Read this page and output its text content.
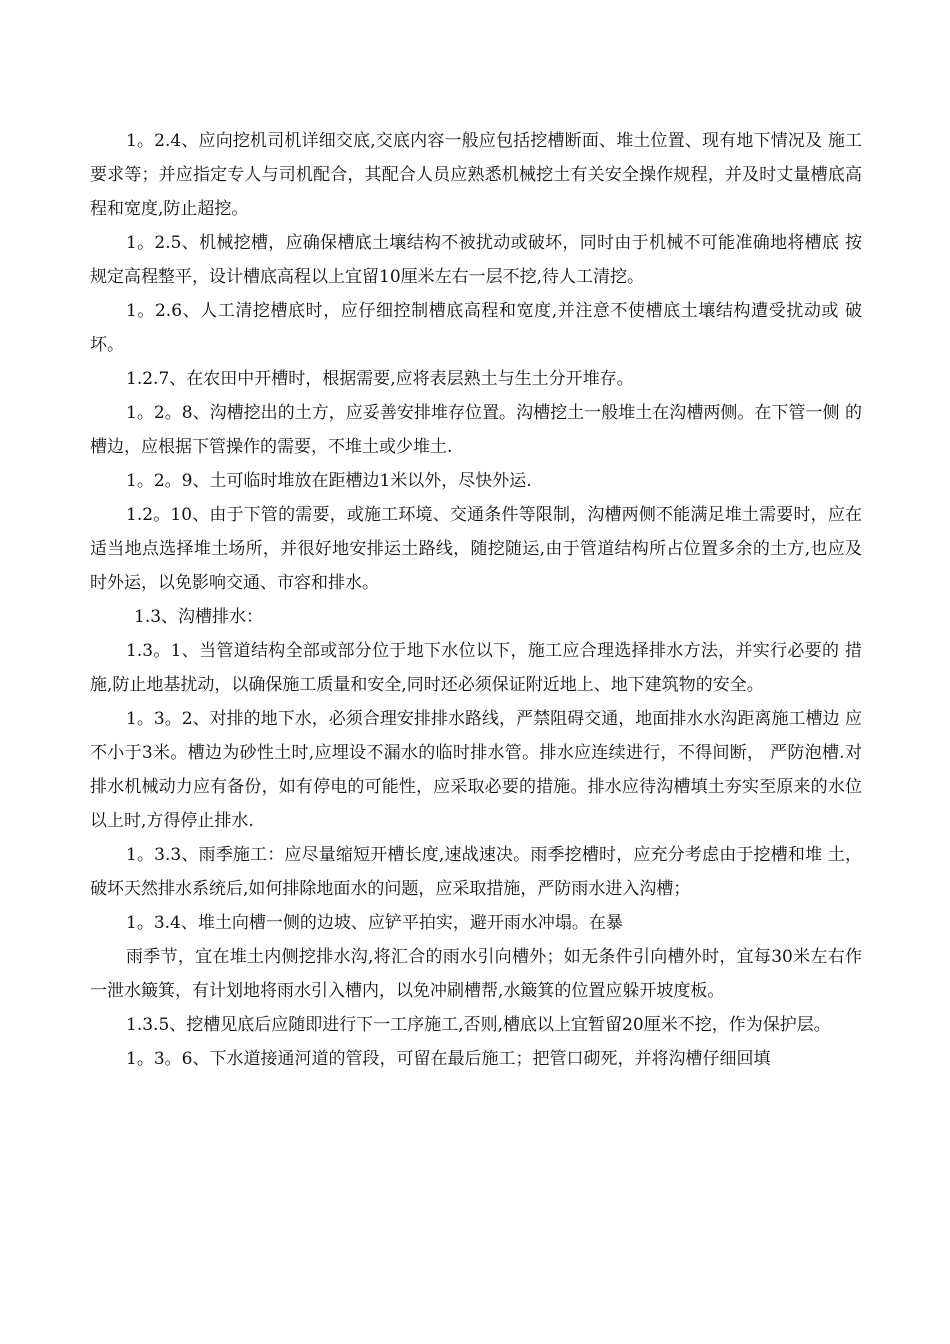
1。2.4、应向挖机司机详细交底,交底内容一般应包括挖槽断面、堆土位置、现有地下情况及 施工要求等；并应指定专人与司机配合，其配合人员应熟悉机械挖土有关安全操作规程，并及时丈量槽底高程和宽度,防止超挖。

1。2.5、机械挖槽，应确保槽底土壤结构不被扰动或破坏，同时由于机械不可能准确地将槽底 按规定高程整平，设计槽底高程以上宜留10厘米左右一层不挖,待人工清挖。

1。2.6、人工清挖槽底时，应仔细控制槽底高程和宽度,并注意不使槽底土壤结构遭受扰动或 破坏。

1.2.7、在农田中开槽时，根据需要,应将表层熟土与生土分开堆存。

1。2。8、沟槽挖出的土方，应妥善安排堆存位置。沟槽挖土一般堆土在沟槽两侧。在下管一侧 的槽边，应根据下管操作的需要，不堆土或少堆土.

1。2。9、土可临时堆放在距槽边1米以外，尽快外运.

1.2。10、由于下管的需要，或施工环境、交通条件等限制，沟槽两侧不能满足堆土需要时，应在适当地点选择堆土场所，并很好地安排运土路线，随挖随运,由于管道结构所占位置多余的土方,也应及时外运，以免影响交通、市容和排水。

1.3、沟槽排水：

1.3。1、当管道结构全部或部分位于地下水位以下，施工应合理选择排水方法，并实行必要的 措施,防止地基扰动，以确保施工质量和安全,同时还必须保证附近地上、地下建筑物的安全。

1。3。2、对排的地下水，必须合理安排排水路线，严禁阻碍交通，地面排水水沟距离施工槽边 应不小于3米。槽边为砂性土时,应埋设不漏水的临时排水管。排水应连续进行，不得间断， 严防泡槽.对排水机械动力应有备份，如有停电的可能性，应采取必要的措施。排水应待沟槽填土夯实至原来的水位以上时,方得停止排水.

1。3.3、雨季施工：应尽量缩短开槽长度,速战速决。雨季挖槽时，应充分考虑由于挖槽和堆 土，破坏天然排水系统后,如何排除地面水的问题，应采取措施，严防雨水进入沟槽；

1。3.4、堆土向槽一侧的边坡、应铲平拍实，避开雨水冲塌。在暴

雨季节，宜在堆土内侧挖排水沟,将汇合的雨水引向槽外；如无条件引向槽外时，宜每30米左右作一泄水簸箕，有计划地将雨水引入槽内，以免冲刷槽帮,水簸箕的位置应躲开坡度板。

1.3.5、挖槽见底后应随即进行下一工序施工,否则,槽底以上宜暂留20厘米不挖，作为保护层。

1。3。6、下水道接通河道的管段，可留在最后施工；把管口砌死，并将沟槽仔细回填
